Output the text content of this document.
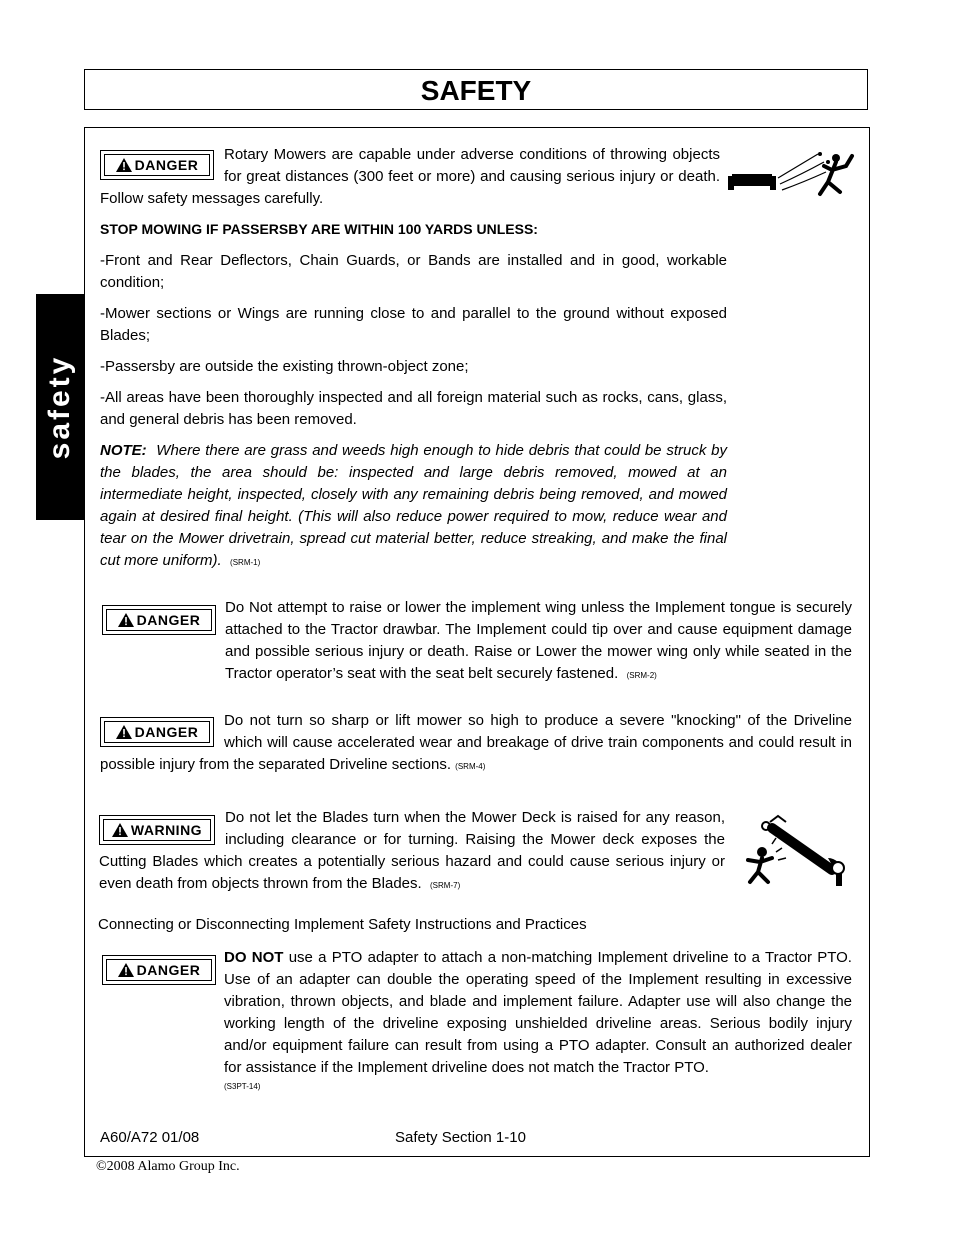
SAFETY
safety
DANGER
Rotary Mowers are capable under adverse conditions of throwing objects for great distances (300 feet or more) and causing serious injury or death. Follow safety messages carefully.
STOP MOWING IF PASSERSBY ARE WITHIN 100 YARDS UNLESS:
-Front and Rear Deflectors, Chain Guards, or Bands are installed and in good, workable condition;
-Mower sections or Wings are running close to and parallel to the ground without exposed Blades;
-Passersby are outside the existing thrown-object zone;
-All areas have been thoroughly inspected and all foreign material such as rocks, cans, glass, and general debris has been removed.
NOTE: Where there are grass and weeds high enough to hide debris that could be struck by the blades, the area should be: inspected and large debris removed, mowed at an intermediate height, inspected, closely with any remaining debris being removed, and mowed again at desired final height. (This will also reduce power required to mow, reduce wear and tear on the Mower drivetrain, spread cut material better, reduce streaking, and make the final cut more uniform). (SRM-1)
DANGER
Do Not attempt to raise or lower the implement wing unless the Implement tongue is securely attached to the Tractor drawbar. The Implement could tip over and cause equipment damage and possible serious injury or death. Raise or Lower the mower wing only while seated in the Tractor operator’s seat with the seat belt securely fastened. (SRM-2)
DANGER
Do not turn so sharp or lift mower so high to produce a severe "knocking" of the Driveline which will cause accelerated wear and breakage of drive train components and could result in possible injury from the separated Driveline sections. (SRM-4)
WARNING
Do not let the Blades turn when the Mower Deck is raised for any reason, including clearance or for turning. Raising the Mower deck exposes the Cutting Blades which creates a potentially serious hazard and could cause serious injury or even death from objects thrown from the Blades. (SRM-7)
Connecting or Disconnecting Implement Safety Instructions and Practices
DANGER
DO NOT use a PTO adapter to attach a non-matching Implement driveline to a Tractor PTO. Use of an adapter can double the operating speed of the Implement resulting in excessive vibration, thrown objects, and blade and implement failure. Adapter use will also change the working length of the driveline exposing unshielded driveline areas. Serious bodily injury and/or equipment failure can result from using a PTO adapter. Consult an authorized dealer for assistance if the Implement driveline does not match the Tractor PTO.
(S3PT-14)
A60/A72 01/08	Safety Section 1-10
©2008 Alamo Group Inc.
